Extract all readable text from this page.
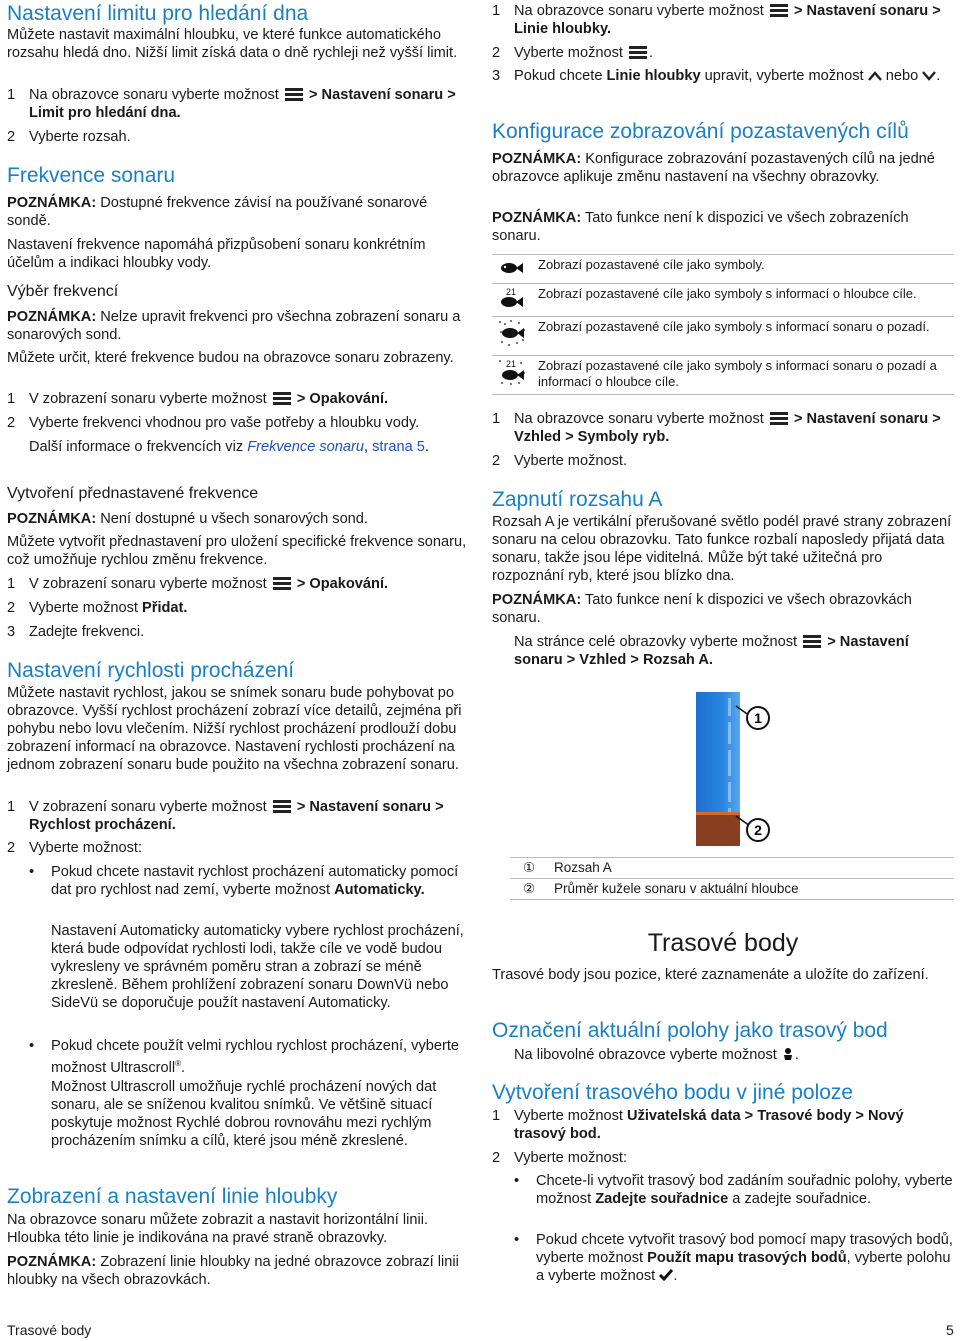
Nastavení limitu pro hledání dna
Můžete nastavit maximální hloubku, ve které funkce automatického rozsahu hledá dno. Nižší limit získá data o dně rychleji než vyšší limit.
1 Na obrazovce sonaru vyberte možnost > Nastavení sonaru > Limit pro hledání dna.
2 Vyberte rozsah.
Frekvence sonaru
POZNÁMKA: Dostupné frekvence závisí na používané sonarové sondě.
Nastavení frekvence napomáhá přizpůsobení sonaru konkrétním účelům a indikaci hloubky vody.
Výběr frekvencí
POZNÁMKA: Nelze upravit frekvenci pro všechna zobrazení sonaru a sonarových sond.
Můžete určit, které frekvence budou na obrazovce sonaru zobrazeny.
1 V zobrazení sonaru vyberte možnost > Opakování.
2 Vyberte frekvenci vhodnou pro vaše potřeby a hloubku vody.
Další informace o frekvencích viz Frekvence sonaru, strana 5.
Vytvoření přednastavené frekvence
POZNÁMKA: Není dostupné u všech sonarových sond.
Můžete vytvořit přednastavení pro uložení specifické frekvence sonaru, což umožňuje rychlou změnu frekvence.
1 V zobrazení sonaru vyberte možnost > Opakování.
2 Vyberte možnost Přidat.
3 Zadejte frekvenci.
Nastavení rychlosti procházení
Můžete nastavit rychlost, jakou se snímek sonaru bude pohybovat po obrazovce. Vyšší rychlost procházení zobrazí více detailů, zejména při pohybu nebo lovu vlečením. Nižší rychlost procházení prodlouží dobu zobrazení informací na obrazovce. Nastavení rychlosti procházení na jednom zobrazení sonaru bude použito na všechna zobrazení sonaru.
1 V zobrazení sonaru vyberte možnost > Nastavení sonaru > Rychlost procházení.
2 Vyberte možnost:
• Pokud chcete nastavit rychlost procházení automaticky pomocí dat pro rychlost nad zemí, vyberte možnost Automaticky.
Nastavení Automaticky automaticky vybere rychlost procházení, která bude odpovídat rychlosti lodi, takže cíle ve vodě budou vykresleny ve správném poměru stran a zobrazí se méně zkresleně. Během prohlížení zobrazení sonaru DownVü nebo SideVü se doporučuje použít nastavení Automaticky.
• Pokud chcete použít velmi rychlou rychlost procházení, vyberte možnost Ultrascroll®.
Možnost Ultrascroll umožňuje rychlé procházení nových dat sonaru, ale se sníženou kvalitou snímků. Ve většině situací poskytuje možnost Rychlé dobrou rovnováhu mezi rychlým procházením snímku a cílů, které jsou méně zkreslené.
Zobrazení a nastavení linie hloubky
Na obrazovce sonaru můžete zobrazit a nastavit horizontální linii. Hloubka této linie je indikována na pravé straně obrazovky.
POZNÁMKA: Zobrazení linie hloubky na jedné obrazovce zobrazí linii hloubky na všech obrazovkách.
1 Na obrazovce sonaru vyberte možnost > Nastavení sonaru > Linie hloubky.
2 Vyberte možnost .
3 Pokud chcete Linie hloubky upravit, vyberte možnost nebo .
Konfigurace zobrazování pozastavených cílů
POZNÁMKA: Konfigurace zobrazování pozastavených cílů na jedné obrazovce aplikuje změnu nastavení na všechny obrazovky.
POZNÁMKA: Tato funkce není k dispozici ve všech zobrazeních sonaru.
	Zobrazí pozastavené cíle jako symboly.

21	Zobrazí pozastavené cíle jako symboly s informací o hloubce cíle.
	Zobrazí pozastavené cíle jako symboly s informací sonaru o pozadí.

21	Zobrazí pozastavené cíle jako symboly s informací sonaru o pozadí a informací o hloubce cíle.
1 Na obrazovce sonaru vyberte možnost > Nastavení sonaru > Vzhled > Symboly ryb.
2 Vyberte možnost.
Zapnutí rozsahu A
Rozsah A je vertikální přerušované světlo podél pravé strany zobrazení sonaru na celou obrazovku. Tato funkce rozbalí naposledy přijatá data sonaru, takže jsou lépe viditelná. Může být také užitečná pro rozpoznání ryb, které jsou blízko dna.
POZNÁMKA: Tato funkce není k dispozici ve všech obrazovkách sonaru.
Na stránce celé obrazovky vyberte možnost > Nastavení sonaru > Vzhled > Rozsah A.
1
2
①	Rozsah A
②	Průměr kužele sonaru v aktuální hloubce
Trasové body
Trasové body jsou pozice, které zaznamenáte a uložíte do zařízení.
Označení aktuální polohy jako trasový bod
Na libovolné obrazovce vyberte možnost .
Vytvoření trasového bodu v jiné poloze
1 Vyberte možnost Uživatelská data > Trasové body > Nový trasový bod.
2 Vyberte možnost:
• Chcete-li vytvořit trasový bod zadáním souřadnic polohy, vyberte možnost Zadejte souřadnice a zadejte souřadnice.
• Pokud chcete vytvořit trasový bod pomocí mapy trasových bodů, vyberte možnost Použít mapu trasových bodů, vyberte polohu a vyberte možnost .
Trasové body	5
